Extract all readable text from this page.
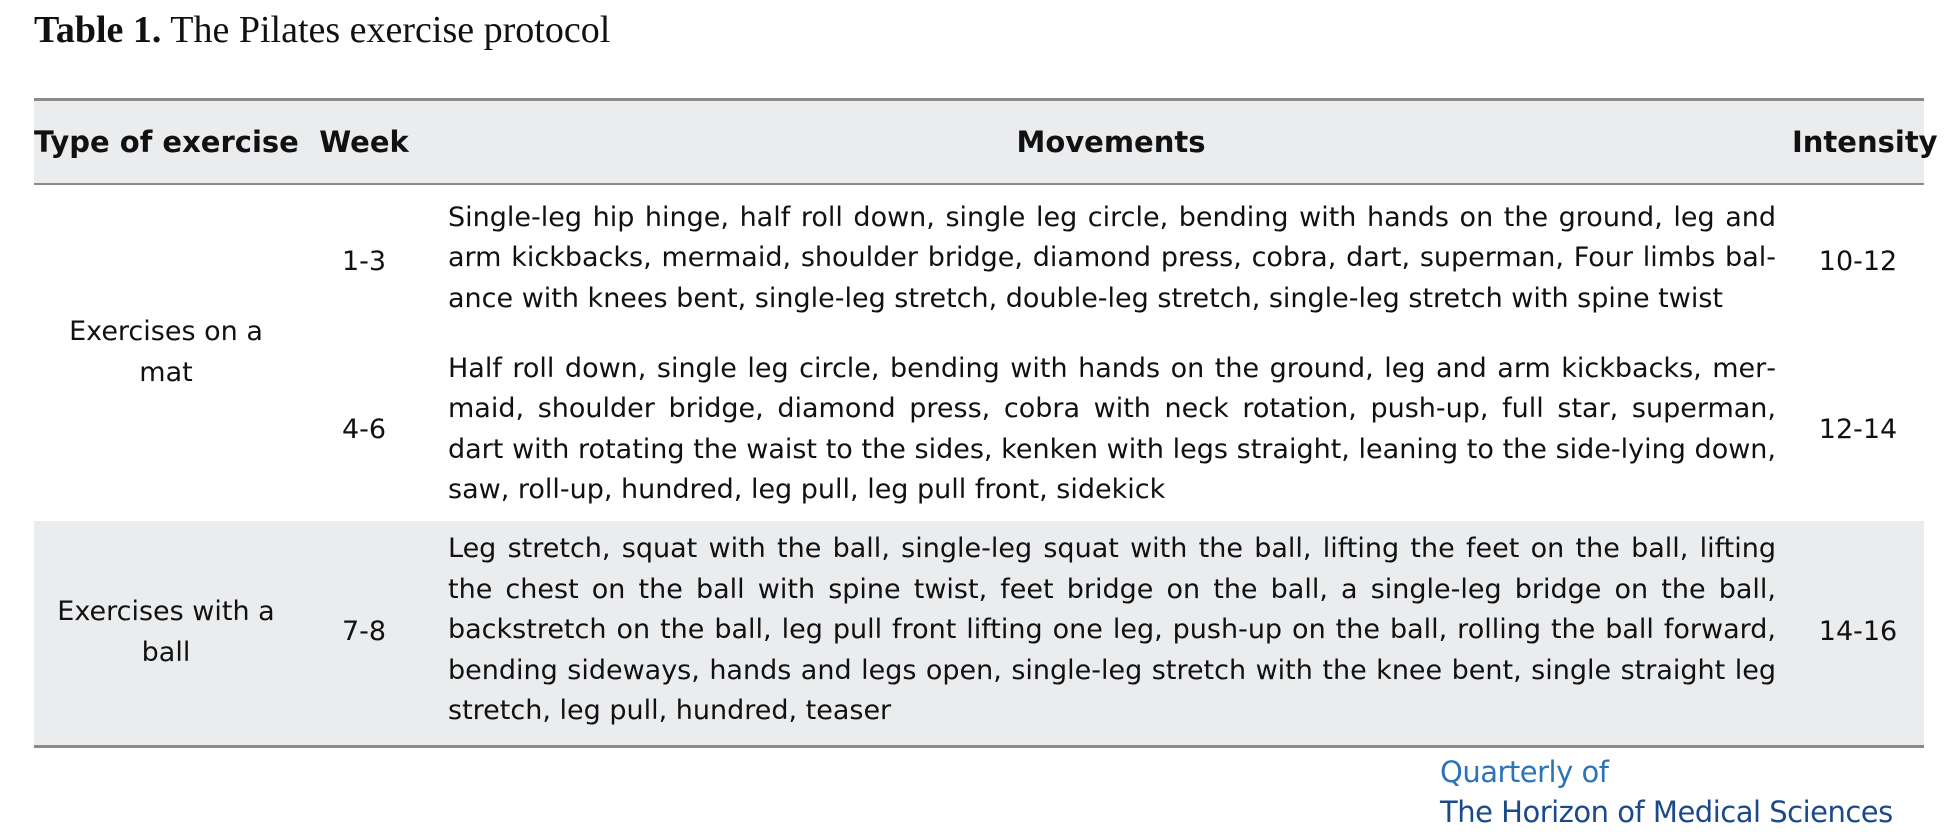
Table 1. The Pilates exercise protocol
Type of exercise	Week	Movements	Intensity
Exercises on a mat	1-3	Single-leg hip hinge, half roll down, single leg circle, bending with hands on the ground, leg and arm kickbacks, mermaid, shoulder bridge, diamond press, cobra, dart, superman, Four limbs balance with knees bent, single-leg stretch, double-leg stretch, single-leg stretch with spine twist	10-12
	4-6	Half roll down, single leg circle, bending with hands on the ground, leg and arm kickbacks, mermaid, shoulder bridge, diamond press, cobra with neck rotation, push-up, full star, superman, dart with rotating the waist to the sides, kenken with legs straight, leaning to the side-lying down, saw, roll-up, hundred, leg pull, leg pull front, sidekick	12-14
Exercises with a ball	7-8	Leg stretch, squat with the ball, single-leg squat with the ball, lifting the feet on the ball, lifting the chest on the ball with spine twist, feet bridge on the ball, a single-leg bridge on the ball, backstretch on the ball, leg pull front lifting one leg, push-up on the ball, rolling the ball forward, bending sideways, hands and legs open, single-leg stretch with the knee bent, single straight leg stretch, leg pull, hundred, teaser	14-16
Quarterly of
The Horizon of Medical Sciences
